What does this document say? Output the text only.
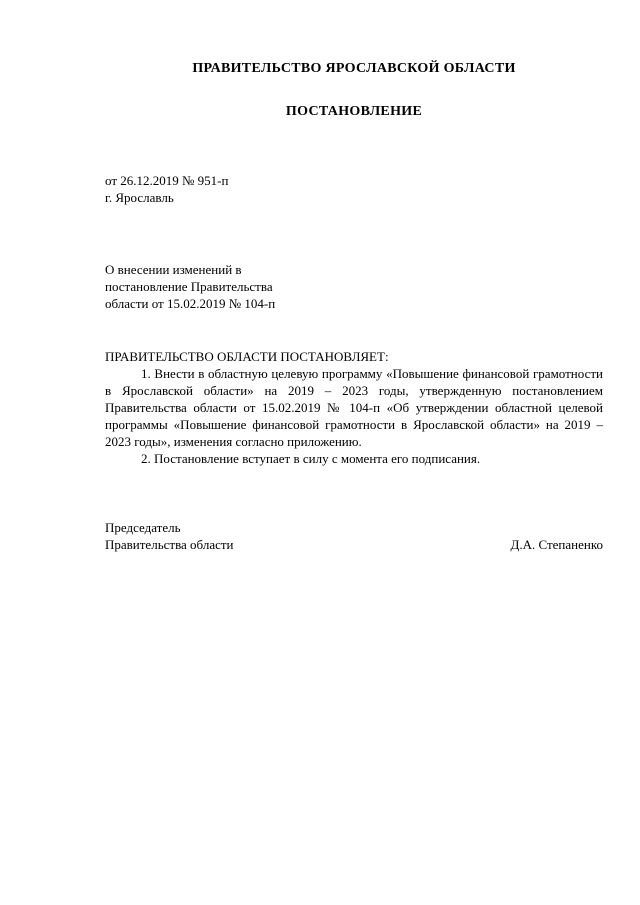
ПРАВИТЕЛЬСТВО ЯРОСЛАВСКОЙ ОБЛАСТИ
ПОСТАНОВЛЕНИЕ
от 26.12.2019 № 951-п
г. Ярославль
О внесении изменений в
постановление Правительства
области от 15.02.2019 № 104-п
ПРАВИТЕЛЬСТВО ОБЛАСТИ ПОСТАНОВЛЯЕТ:

1. Внести в областную целевую программу «Повышение финансовой грамотности в Ярославской области» на 2019 – 2023 годы, утвержденную постановлением Правительства области от 15.02.2019 № 104-п «Об утверждении областной целевой программы «Повышение финансовой грамотности в Ярославской области» на 2019 – 2023 годы», изменения согласно приложению.

2. Постановление вступает в силу с момента его подписания.

Председатель
Правительства области	Д.А. Степаненко
